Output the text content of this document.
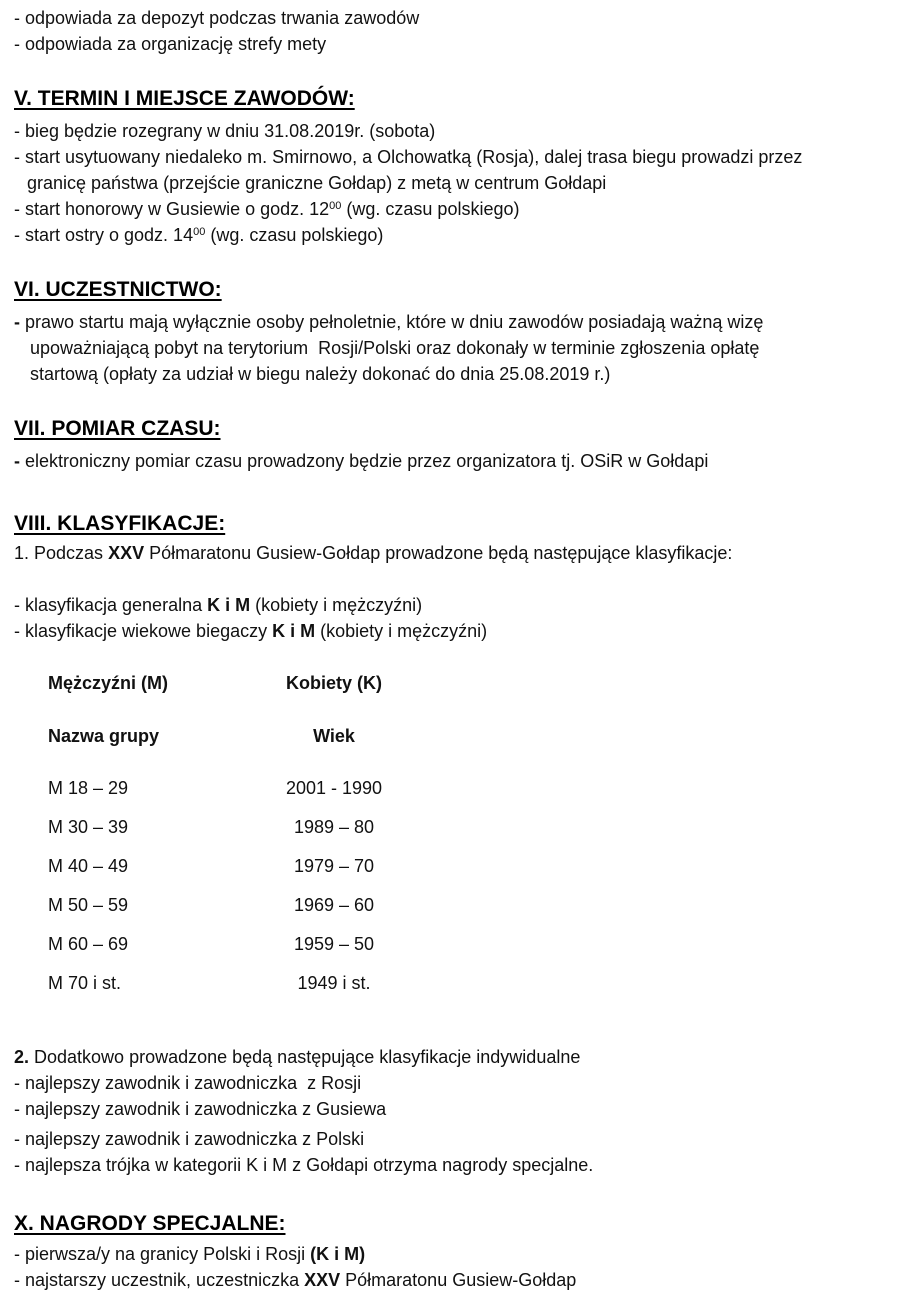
- odpowiada za depozyt podczas trwania zawodów

- odpowiada za organizację strefy mety

V. TERMIN I MIEJSCE ZAWODÓW:

- bieg będzie rozegrany w dniu 31.08.2019r. (sobota)

- start usytuowany niedaleko m. Smirnowo, a Olchowatką (Rosja), dalej trasa biegu prowadzi przez

granicę państwa (przejście graniczne Gołdap) z metą w centrum Gołdapi

- start honorowy w Gusiewie o godz. $12^{00}$ (wg. czasu polskiego)

- start ostry o godz. $14^{00}$ (wg. czasu polskiego)

VI. UCZESTNICTWO:

- prawo startu mają wyłącznie osoby pełnoletnie, które w dniu zawodów posiadają ważną wizę

upoważniającą pobyt na terytorium  Rosji/Polski oraz dokonały w terminie zgłoszenia opłatę

startową (opłaty za udział w biegu należy dokonać do dnia 25.08.2019 r.)

VII. POMIAR CZASU:

- elektroniczny pomiar czasu prowadzony będzie przez organizatora tj. OSiR w Gołdapi

VIII. KLASYFIKACJE:

1. Podczas XXV Półmaratonu Gusiew-Gołdap prowadzone będą następujące klasyfikacje:

- klasyfikacja generalna K i M (kobiety i mężczyźni)

- klasyfikacje wiekowe biegaczy K i M (kobiety i mężczyźni)

Mężczyźni (M)	Kobiety (K)
Nazwa grupy	Wiek
M 18 – 29	2001 - 1990
M 30 – 39	1989 – 80
M 40 – 49	1979 – 70
M 50 – 59	1969 – 60
M 60 – 69	1959 – 50
M 70 i st.	1949 i st.

2. Dodatkowo prowadzone będą następujące klasyfikacje indywidualne

- najlepszy zawodnik i zawodniczka  z Rosji

- najlepszy zawodnik i zawodniczka z Gusiewa

- najlepszy zawodnik i zawodniczka z Polski

- najlepsza trójka w kategorii K i M z Gołdapi otrzyma nagrody specjalne.

X. NAGRODY SPECJALNE:

- pierwsza/y na granicy Polski i Rosji (K i M)

- najstarszy uczestnik, uczestniczka XXV Półmaratonu Gusiew-Gołdap
